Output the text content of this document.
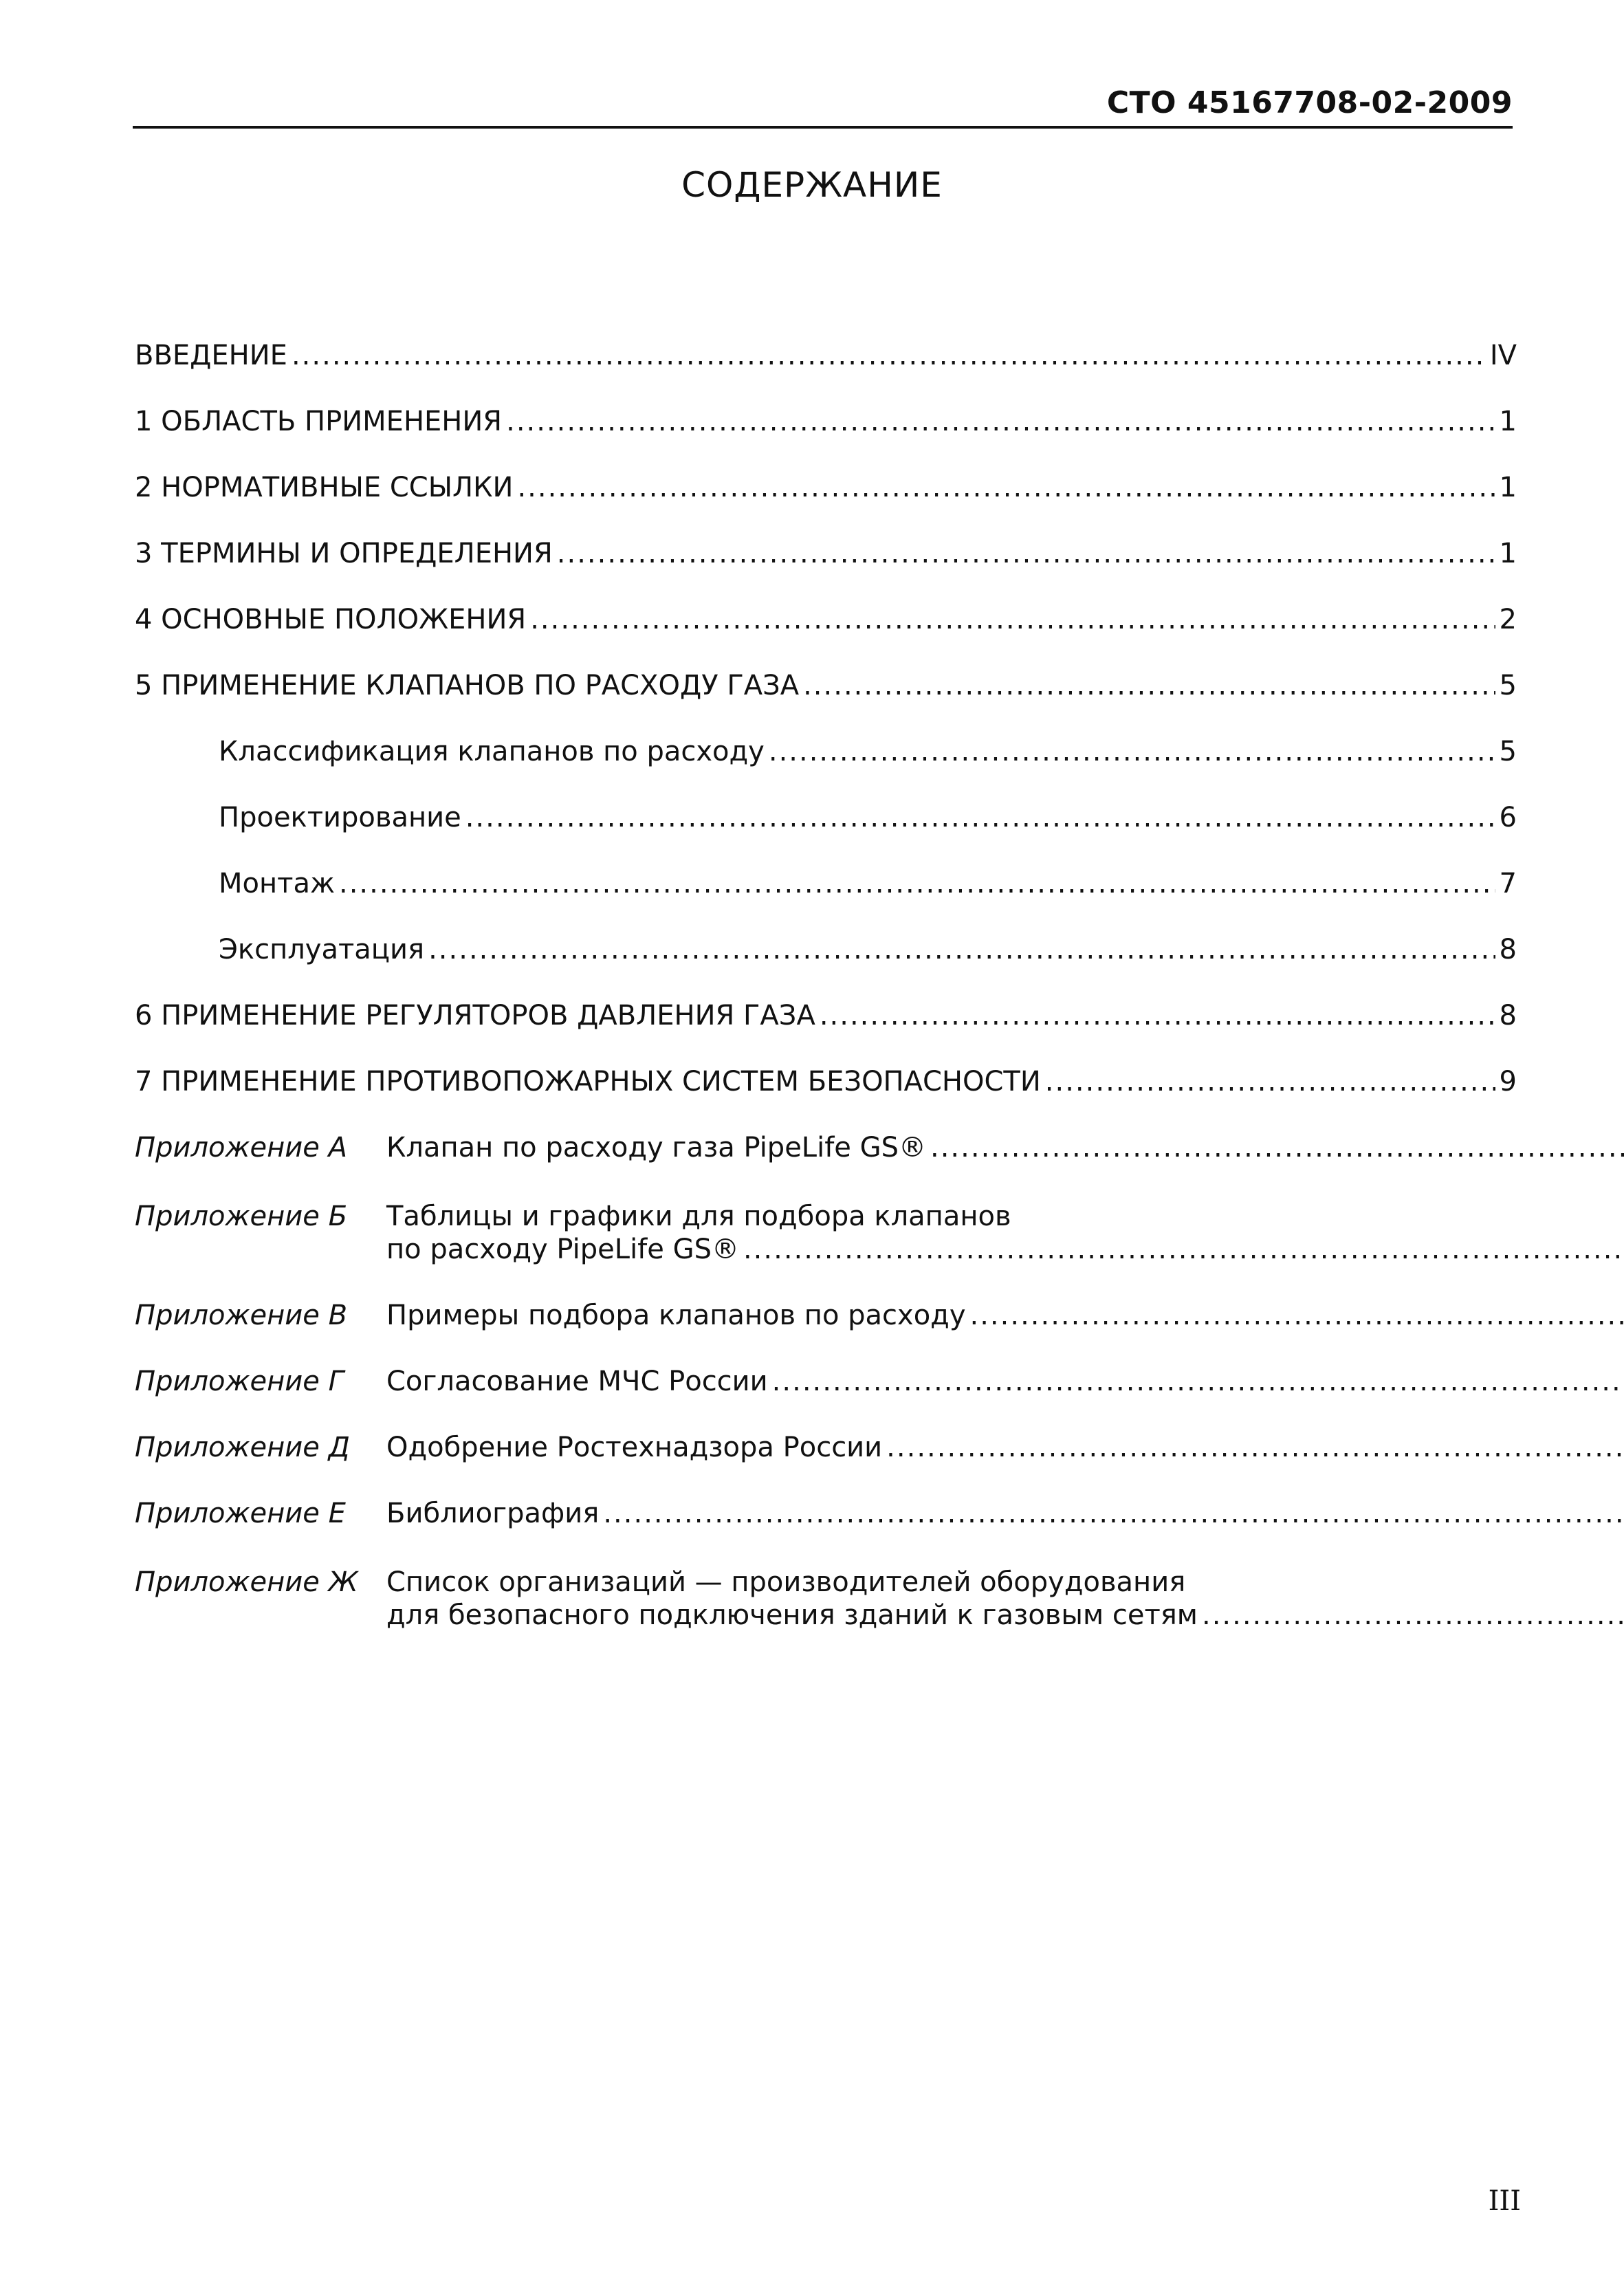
СТО 45167708-02-2009
СОДЕРЖАНИЕ
ВВЕДЕНИЕ .....	IV
1 ОБЛАСТЬ ПРИМЕНЕНИЯ .....	1
2 НОРМАТИВНЫЕ ССЫЛКИ .....	1
3 ТЕРМИНЫ И ОПРЕДЕЛЕНИЯ .....	1
4 ОСНОВНЫЕ ПОЛОЖЕНИЯ .....	2
5 ПРИМЕНЕНИЕ КЛАПАНОВ ПО РАСХОДУ ГАЗА .....	5
Классификация клапанов по расходу .....	5
Проектирование .....	6
Монтаж .....	7
Эксплуатация .....	8
6 ПРИМЕНЕНИЕ РЕГУЛЯТОРОВ ДАВЛЕНИЯ ГАЗА .....	8
7 ПРИМЕНЕНИЕ ПРОТИВОПОЖАРНЫХ СИСТЕМ БЕЗОПАСНОСТИ .....	9
Приложение А	Клапан по расходу газа PipeLife GS®
.....
Приложение Б	Таблицы и графики для подбора клапанов
по расходу PipeLife GS®
.....
Приложение В	Примеры подбора клапанов по расходу
.....
Приложение Г	Согласование МЧС России
.....
Приложение Д	Одобрение Ростехнадзора России
.....
Приложение Е	Библиография
.....
Приложение Ж	Список организаций — производителей оборудования
для безопасного подключения зданий к газовым сетям
.....
III
